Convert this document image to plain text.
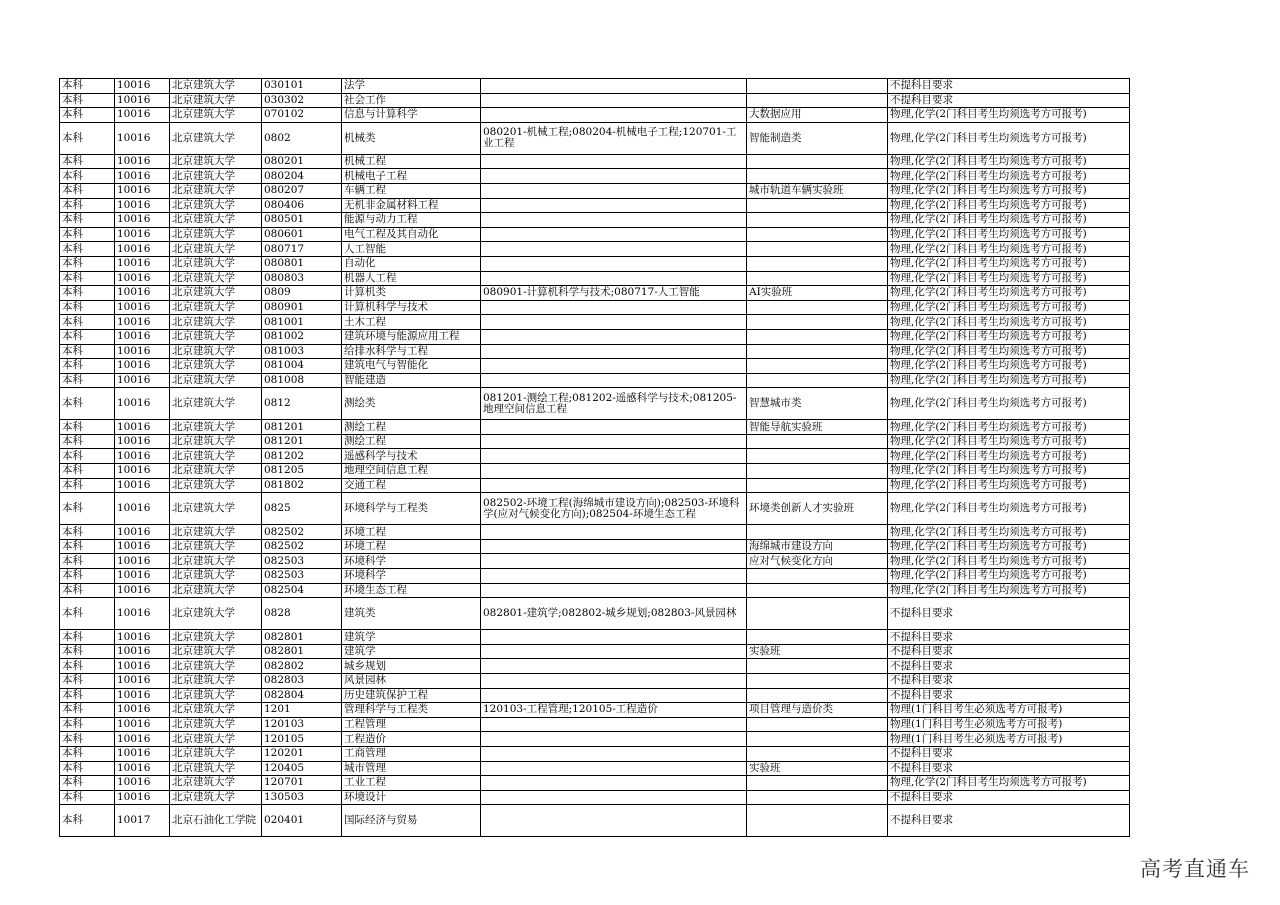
本科	10016	北京建筑大学	030101	法学			不提科目要求
本科	10016	北京建筑大学	030302	社会工作			不提科目要求
本科	10016	北京建筑大学	070102	信息与计算科学		大数据应用	物理,化学(2门科目考生均须选考方可报考)
本科	10016	北京建筑大学	0802	机械类	080201-机械工程;080204-机械电子工程;120701-工业工程	智能制造类	物理,化学(2门科目考生均须选考方可报考)
本科	10016	北京建筑大学	080201	机械工程			物理,化学(2门科目考生均须选考方可报考)
本科	10016	北京建筑大学	080204	机械电子工程			物理,化学(2门科目考生均须选考方可报考)
本科	10016	北京建筑大学	080207	车辆工程		城市轨道车辆实验班	物理,化学(2门科目考生均须选考方可报考)
本科	10016	北京建筑大学	080406	无机非金属材料工程			物理,化学(2门科目考生均须选考方可报考)
本科	10016	北京建筑大学	080501	能源与动力工程			物理,化学(2门科目考生均须选考方可报考)
本科	10016	北京建筑大学	080601	电气工程及其自动化			物理,化学(2门科目考生均须选考方可报考)
本科	10016	北京建筑大学	080717	人工智能			物理,化学(2门科目考生均须选考方可报考)
本科	10016	北京建筑大学	080801	自动化			物理,化学(2门科目考生均须选考方可报考)
本科	10016	北京建筑大学	080803	机器人工程			物理,化学(2门科目考生均须选考方可报考)
本科	10016	北京建筑大学	0809	计算机类	080901-计算机科学与技术;080717-人工智能	AI实验班	物理,化学(2门科目考生均须选考方可报考)
本科	10016	北京建筑大学	080901	计算机科学与技术			物理,化学(2门科目考生均须选考方可报考)
本科	10016	北京建筑大学	081001	土木工程			物理,化学(2门科目考生均须选考方可报考)
本科	10016	北京建筑大学	081002	建筑环境与能源应用工程			物理,化学(2门科目考生均须选考方可报考)
本科	10016	北京建筑大学	081003	给排水科学与工程			物理,化学(2门科目考生均须选考方可报考)
本科	10016	北京建筑大学	081004	建筑电气与智能化			物理,化学(2门科目考生均须选考方可报考)
本科	10016	北京建筑大学	081008	智能建造			物理,化学(2门科目考生均须选考方可报考)
本科	10016	北京建筑大学	0812	测绘类	081201-测绘工程;081202-遥感科学与技术;081205-地理空间信息工程	智慧城市类	物理,化学(2门科目考生均须选考方可报考)
本科	10016	北京建筑大学	081201	测绘工程		智能导航实验班	物理,化学(2门科目考生均须选考方可报考)
本科	10016	北京建筑大学	081201	测绘工程			物理,化学(2门科目考生均须选考方可报考)
本科	10016	北京建筑大学	081202	遥感科学与技术			物理,化学(2门科目考生均须选考方可报考)
本科	10016	北京建筑大学	081205	地理空间信息工程			物理,化学(2门科目考生均须选考方可报考)
本科	10016	北京建筑大学	081802	交通工程			物理,化学(2门科目考生均须选考方可报考)
本科	10016	北京建筑大学	0825	环境科学与工程类	082502-环境工程(海绵城市建设方向);082503-环境科学(应对气候变化方向);082504-环境生态工程	环境类创新人才实验班	物理,化学(2门科目考生均须选考方可报考)
本科	10016	北京建筑大学	082502	环境工程			物理,化学(2门科目考生均须选考方可报考)
本科	10016	北京建筑大学	082502	环境工程		海绵城市建设方向	物理,化学(2门科目考生均须选考方可报考)
本科	10016	北京建筑大学	082503	环境科学		应对气候变化方向	物理,化学(2门科目考生均须选考方可报考)
本科	10016	北京建筑大学	082503	环境科学			物理,化学(2门科目考生均须选考方可报考)
本科	10016	北京建筑大学	082504	环境生态工程			物理,化学(2门科目考生均须选考方可报考)
本科	10016	北京建筑大学	0828	建筑类	082801-建筑学;082802-城乡规划;082803-风景园林		不提科目要求
本科	10016	北京建筑大学	082801	建筑学			不提科目要求
本科	10016	北京建筑大学	082801	建筑学		实验班	不提科目要求
本科	10016	北京建筑大学	082802	城乡规划			不提科目要求
本科	10016	北京建筑大学	082803	风景园林			不提科目要求
本科	10016	北京建筑大学	082804	历史建筑保护工程			不提科目要求
本科	10016	北京建筑大学	1201	管理科学与工程类	120103-工程管理;120105-工程造价	项目管理与造价类	物理(1门科目考生必须选考方可报考)
本科	10016	北京建筑大学	120103	工程管理			物理(1门科目考生必须选考方可报考)
本科	10016	北京建筑大学	120105	工程造价			物理(1门科目考生必须选考方可报考)
本科	10016	北京建筑大学	120201	工商管理			不提科目要求
本科	10016	北京建筑大学	120405	城市管理		实验班	不提科目要求
本科	10016	北京建筑大学	120701	工业工程			物理,化学(2门科目考生均须选考方可报考)
本科	10016	北京建筑大学	130503	环境设计			不提科目要求
本科	10017	北京石油化工学院	020401	国际经济与贸易			不提科目要求
高考直通车
